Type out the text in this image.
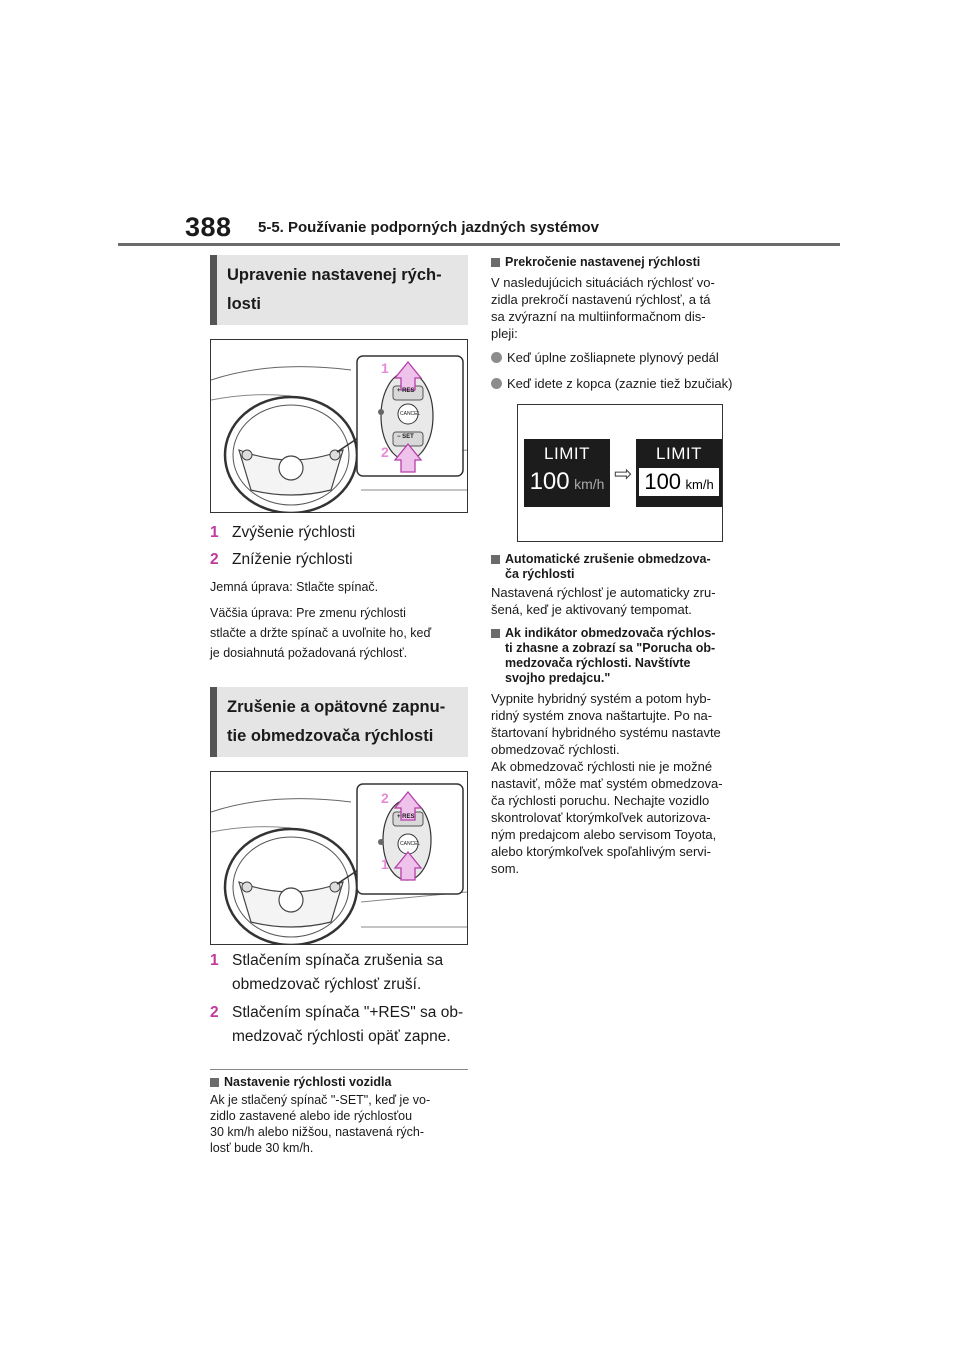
388 5-5. Používanie podporných jazdných systémov
Upravenie nastavenej rých-
losti
+ RES
CANCEL
− SET
1
2
1 Zvýšenie rýchlosti
2 Zníženie rýchlosti

Jemná úprava: Stlačte spínač.

Väčšia úprava: Pre zmenu rýchlosti

stlačte a držte spínač a uvoľnite ho, keď

je dosiahnutá požadovaná rýchlosť.

Zrušenie a opätovné zapnu-
tie obmedzovača rýchlosti
+ RES
CANCEL
2
1
1 Stlačením spínača zrušenia sa
obmedzovač rýchlosť zruší.
2 Stlačením spínača "+RES" sa ob-
medzovač rýchlosti opäť zapne.
Nastavenie rýchlosti vozidla

Ak je stlačený spínač "-SET", keď je vo-

zidlo zastavené alebo ide rýchlosťou

30 km/h alebo nižšou, nastavená rých-

losť bude 30 km/h.

Prekročenie nastavenej rýchlosti

V nasledujúcich situáciách rýchlosť vo-

zidla prekročí nastavenú rýchlosť, a tá

sa zvýrazní na multiinformačnom dis-

pleji:

Keď úplne zošliapnete plynový pedál
Keď idete z kopca (zaznie tiež bzučiak)
LIMIT
100 km/h ⇨
LIMIT
100 km/h
Automatické zrušenie obmedzova-
ča rýchlosti

Nastavená rýchlosť je automaticky zru-

šená, keď je aktivovaný tempomat.

Ak indikátor obmedzovača rýchlos-
ti zhasne a zobrazí sa "Porucha ob-
medzovača rýchlosti. Navštívte
svojho predajcu."

Vypnite hybridný systém a potom hyb-

ridný systém znova naštartujte. Po na-

štartovaní hybridného systému nastavte

obmedzovač rýchlosti.

Ak obmedzovač rýchlosti nie je možné

nastaviť, môže mať systém obmedzova-

ča rýchlosti poruchu. Nechajte vozidlo

skontrolovať ktorýmkoľvek autorizova-

ným predajcom alebo servisom Toyota,

alebo ktorýmkoľvek spoľahlivým servi-

som.
